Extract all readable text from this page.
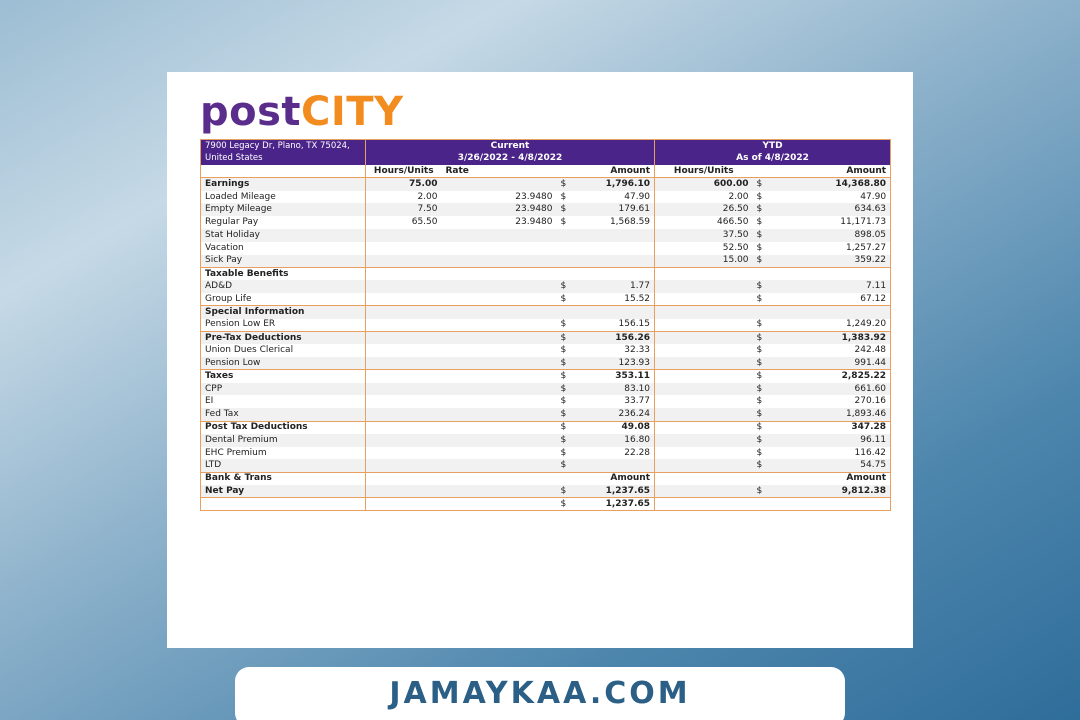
postCITY
7900 Legacy Dr, Plano, TX 75024,	Current				YTD		
United States	3/26/2022 - 4/8/2022				As of 4/8/2022		
	Hours/Units	Rate		Amount	Hours/Units		Amount
Earnings	75.00		$	1,796.10	600.00	$	14,368.80
Loaded Mileage	2.00	23.9480	$	47.90	2.00	$	47.90
Empty Mileage	7.50	23.9480	$	179.61	26.50	$	634.63
Regular Pay	65.50	23.9480	$	1,568.59	466.50	$	11,171.73
Stat Holiday					37.50	$	898.05
Vacation					52.50	$	1,257.27
Sick Pay					15.00	$	359.22
Taxable Benefits							
AD&D			$	1.77		$	7.11
Group Life			$	15.52		$	67.12
Special Information							
Pension Low ER			$	156.15		$	1,249.20
Pre-Tax Deductions			$	156.26		$	1,383.92
Union Dues Clerical			$	32.33		$	242.48
Pension Low			$	123.93		$	991.44
Taxes			$	353.11		$	2,825.22
CPP			$	83.10		$	661.60
EI			$	33.77		$	270.16
Fed Tax			$	236.24		$	1,893.46
Post Tax Deductions			$	49.08		$	347.28
Dental Premium			$	16.80		$	96.11
EHC Premium			$	22.28		$	116.42
LTD			$			$	54.75
Bank & Trans				Amount			Amount
Net Pay			$	1,237.65		$	9,812.38
			$	1,237.65			
JAMAYKAA.COM
